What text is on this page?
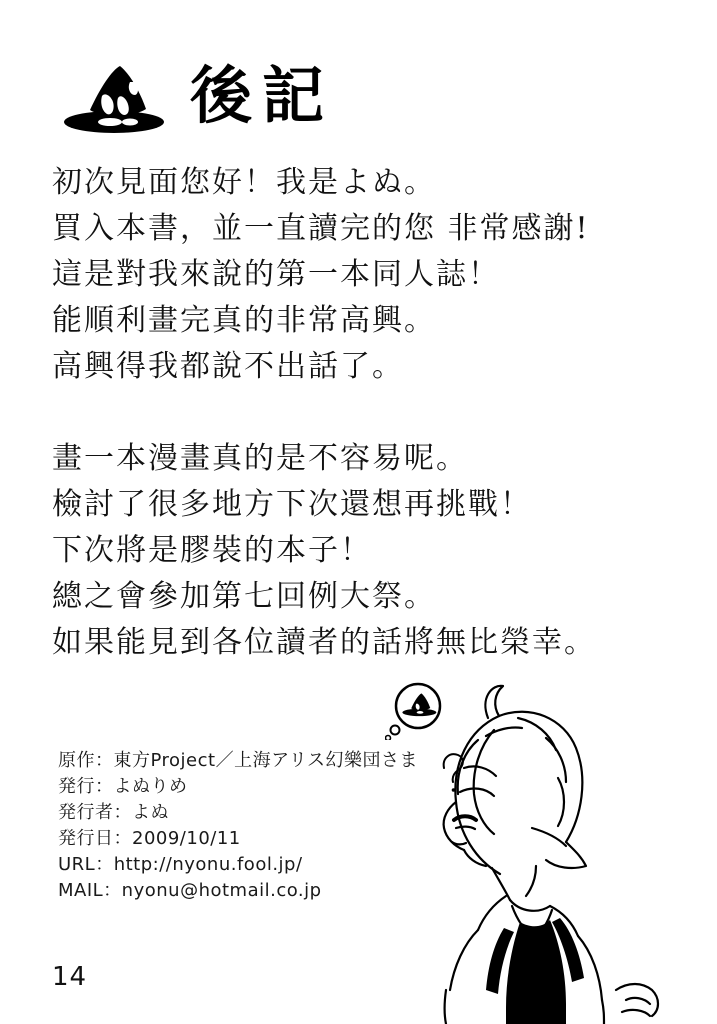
後記
初次見面您好！我是よぬ。
買入本書，並一直讀完的您 非常感謝!
這是對我來說的第一本同人誌！
能順利畫完真的非常高興。
高興得我都說不出話了。
畫一本漫畫真的是不容易呢。
檢討了很多地方下次還想再挑戰！
下次將是膠裝的本子！
總之會參加第七回例大祭。
如果能見到各位讀者的話將無比榮幸。
原作：東方Project／上海アリス幻樂団さま
発行：よぬりめ
発行者：よぬ
発行日：2009/10/11
URL：http://nyonu.fool.jp/
MAIL：nyonu@hotmail.co.jp
14
